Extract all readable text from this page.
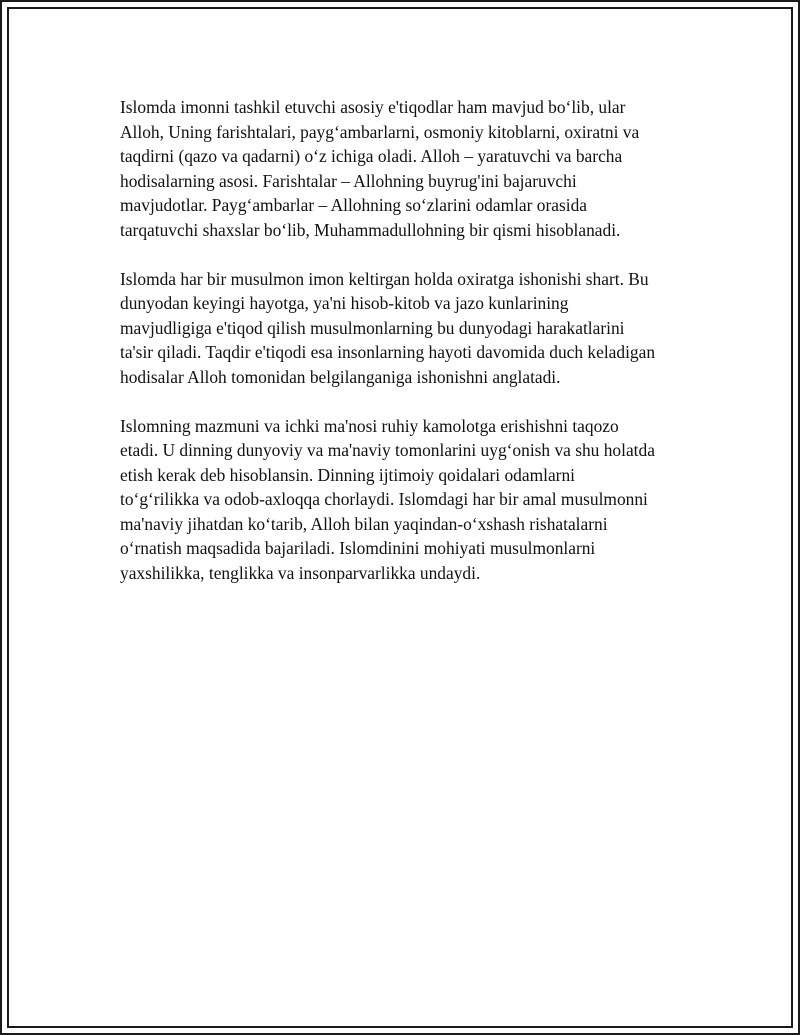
Islomda imonni tashkil etuvchi asosiy e'tiqodlar ham mavjud bo‘lib, ular
Alloh, Uning farishtalari, payg‘ambarlarni, osmoniy kitoblarni, oxiratni va
taqdirni (qazo va qadarni) o‘z ichiga oladi. Alloh – yaratuvchi va barcha
hodisalarning asosi. Farishtalar – Allohning buyrug'ini bajaruvchi
mavjudotlar. Payg‘ambarlar – Allohning so‘zlarini odamlar orasida
tarqatuvchi shaxslar bo‘lib, Muhammadullohning bir qismi hisoblanadi.

Islomda har bir musulmon imon keltirgan holda oxiratga ishonishi shart. Bu
dunyodan keyingi hayotga, ya'ni hisob-kitob va jazo kunlarining
mavjudligiga e'tiqod qilish musulmonlarning bu dunyodagi harakatlarini
ta'sir qiladi. Taqdir e'tiqodi esa insonlarning hayoti davomida duch keladigan
hodisalar Alloh tomonidan belgilanganiga ishonishni anglatadi.

Islomning mazmuni va ichki ma'nosi ruhiy kamolotga erishishni taqozo
etadi. U dinning dunyoviy va ma'naviy tomonlarini uyg‘onish va shu holatda
etish kerak deb hisoblansin. Dinning ijtimoiy qoidalari odamlarni
to‘g‘rilikka va odob-axloqqa chorlaydi. Islomdagi har bir amal musulmonni
ma'naviy jihatdan ko‘tarib, Alloh bilan yaqindan-o‘xshash rishatalarni
o‘rnatish maqsadida bajariladi. Islomdinini mohiyati musulmonlarni
yaxshilikka, tenglikka va insonparvarlikka undaydi.
